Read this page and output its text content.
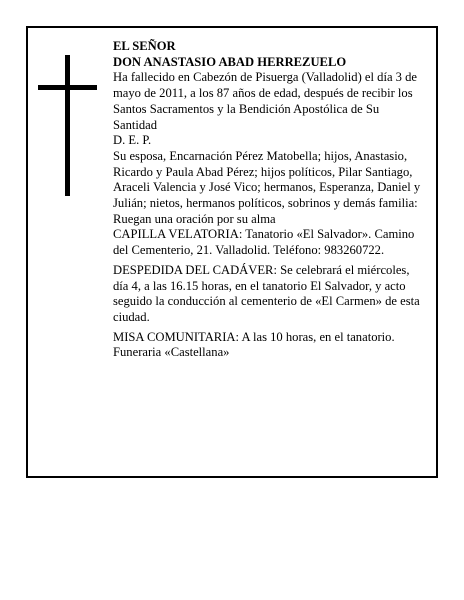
EL SEÑOR

DON ANASTASIO ABAD HERREZUELO

Ha fallecido en Cabezón de Pisuerga (Valladolid) el día 3 de mayo de 2011, a los 87 años de edad, después de recibir los Santos Sacramentos y la Bendición Apostólica de Su Santidad

D. E. P.

Su esposa, Encarnación Pérez Matobella; hijos, Anastasio, Ricardo y Paula Abad Pérez; hijos políticos, Pilar Santiago, Araceli Valencia y José Vico; hermanos, Esperanza, Daniel y Julián; nietos, hermanos políticos, sobrinos y demás familia:

Ruegan una oración por su alma

CAPILLA VELATORIA: Tanatorio «El Salvador». Camino del Cementerio, 21. Valladolid. Teléfono: 983260722.

DESPEDIDA DEL CADÁVER: Se celebrará el miércoles, día 4, a las 16.15 horas, en el tanatorio El Salvador, y acto seguido la conducción al cementerio de «El Carmen» de esta ciudad.

MISA COMUNITARIA: A las 10 horas, en el tanatorio.

Funeraria «Castellana»
